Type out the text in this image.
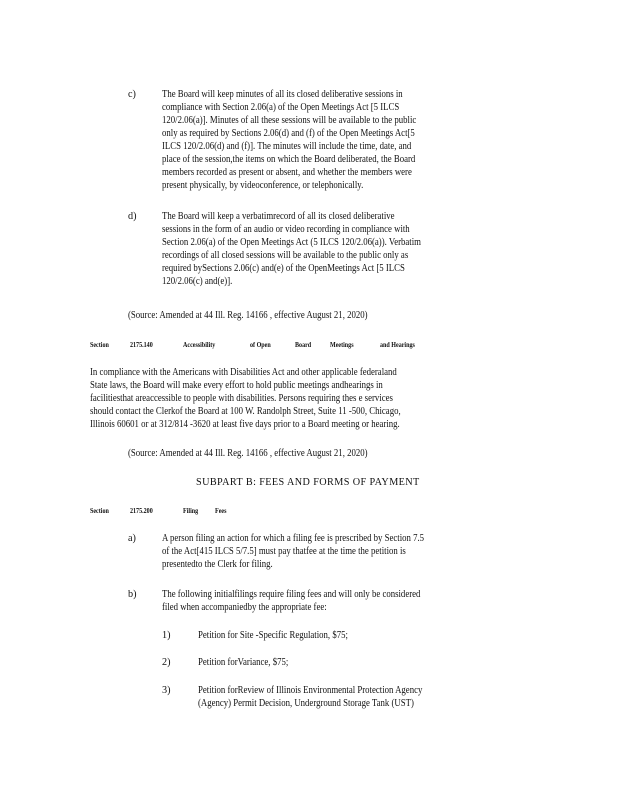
c)	The Board will keep minutes of all its closed deliberative sessions in
compliance with Section 2.06(a) of the Open Meetings Act [5 ILCS
120/2.06(a)]. Minutes of all these sessions will be available to the public
only as required by Sections 2.06(d) and (f) of the Open Meetings Act[5
ILCS 120/2.06(d) and (f)]. The minutes will include the time, date, and
place of the session,the items on which the Board deliberated, the Board
members recorded as present or absent, and whether the members were
present physically, by videoconference, or telephonically.
d)	The Board will keep a verbatimrecord of all its closed deliberative
sessions in the form of an audio or video recording in compliance with
Section 2.06(a) of the Open Meetings Act (5 ILCS 120/2.06(a)). Verbatim
recordings of all closed sessions will be available to the public only as
required bySections 2.06(c) and(e) of the OpenMeetings Act [5 ILCS
120/2.06(c) and(e)].
(Source: Amended at 44 Ill. Reg. 14166 , effective August 21, 2020)
Section	2175.140	Accessibility	of Open	Board	Meetings	and Hearings
In compliance with the Americans with Disabilities Act and other applicable federaland
State laws, the Board will make every effort to hold public meetings andhearings in
facilitiesthat areaccessible to people with disabilities. Persons requiring thes e services
should contact the Clerkof the Board at 100 W. Randolph Street, Suite 11 -500, Chicago,
Illinois 60601 or at 312/814 -3620 at least five days prior to a Board meeting or hearing.
(Source: Amended at 44 Ill. Reg. 14166 , effective August 21, 2020)
SUBPART B: FEES AND FORMS OF PAYMENT
Section	2175.200	Filing Fees
a)	A person filing an action for which a filing fee is prescribed by Section 7.5
of the Act[415 ILCS 5/7.5] must pay thatfee at the time the petition is
presentedto the Clerk for filing.
b)	The following initialfilings require filing fees and will only be considered
filed when accompaniedby the appropriate fee:
1)	Petition for Site -Specific Regulation, $75;
2)	Petition forVariance, $75;
3)	Petition forReview of Illinois Environmental Protection Agency
(Agency) Permit Decision, Underground Storage Tank (UST)
